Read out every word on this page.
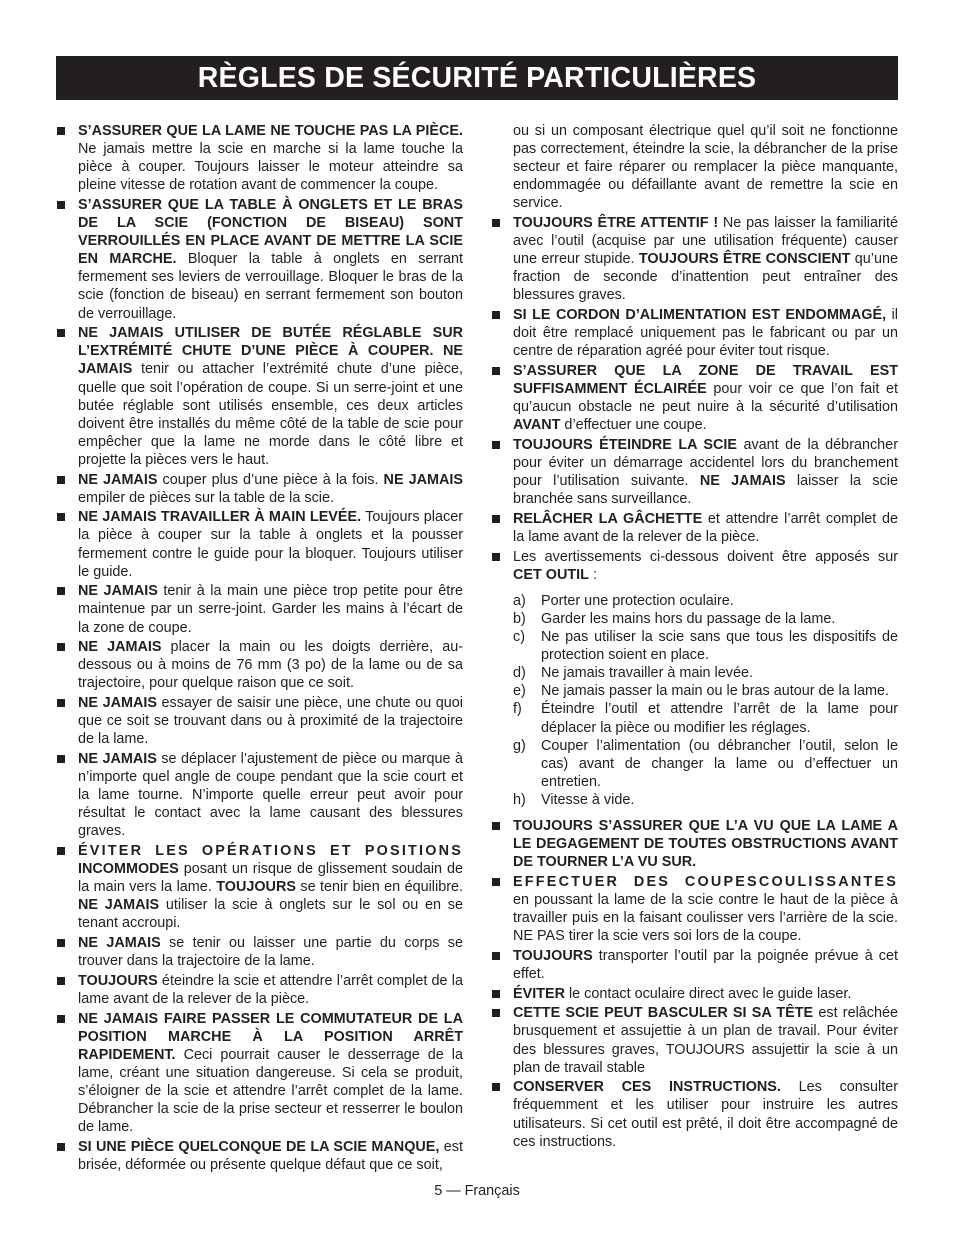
RÈGLES DE SÉCURITÉ PARTICULIÈRES
S’ASSURER QUE LA LAME NE TOUCHE PAS LA PIÈCE. Ne jamais mettre la scie en marche si la lame touche la pièce à couper. Toujours laisser le moteur atteindre sa pleine vitesse de rotation avant de commencer la coupe.
S’ASSURER QUE LA TABLE À ONGLETS ET LE BRAS DE LA SCIE (FONCTION DE BISEAU) SONT VERROUILLÉS EN PLACE AVANT DE METTRE LA SCIE EN MARCHE. Bloquer la table à onglets en serrant fermement ses leviers de verrouillage. Bloquer le bras de la scie (fonction de biseau) en serrant fermement son bouton de verrouillage.
NE JAMAIS UTILISER DE BUTÉE RÉGLABLE SUR L’EXTRÉMITÉ CHUTE D’UNE PIÈCE À COUPER. NE JAMAIS tenir ou attacher l’extrémité chute d’une pièce, quelle que soit l’opération de coupe. Si un serre-joint et une butée réglable sont utilisés ensemble, ces deux articles doivent être installés du même côté de la table de scie pour empêcher que la lame ne morde dans le côté libre et projette la pièces vers le haut.
NE JAMAIS couper plus d’une pièce à la fois. NE JAMAIS empiler de pièces sur la table de la scie.
NE JAMAIS TRAVAILLER À MAIN LEVÉE. Toujours placer la pièce à couper sur la table à onglets et la pousser fermement contre le guide pour la bloquer. Toujours utiliser le guide.
NE JAMAIS tenir à la main une pièce trop petite pour être maintenue par un serre-joint. Garder les mains à l’écart de la zone de coupe.
NE JAMAIS placer la main ou les doigts derrière, au-dessous ou à moins de 76 mm (3 po) de la lame ou de sa trajectoire, pour quelque raison que ce soit.
NE JAMAIS essayer de saisir une pièce, une chute ou quoi que ce soit se trouvant dans ou à proximité de la trajectoire de la lame.
NE JAMAIS se déplacer l’ajustement de pièce ou marque à n’importe quel angle de coupe pendant que la scie court et la lame tourne. N’importe quelle erreur peut avoir pour résultat le contact avec la lame causant des blessures graves.
ÉVITER LES OPÉRATIONS ET POSITIONS INCOMMODES posant un risque de glissement soudain de la main vers la lame. TOUJOURS se tenir bien en équilibre. NE JAMAIS utiliser la scie à onglets sur le sol ou en se tenant accroupi.
NE JAMAIS se tenir ou laisser une partie du corps se trouver dans la trajectoire de la lame.
TOUJOURS éteindre la scie et attendre l’arrêt complet de la lame avant de la relever de la pièce.
NE JAMAIS FAIRE PASSER LE COMMUTATEUR DE LA POSITION MARCHE À LA POSITION ARRÊT RAPIDEMENT. Ceci pourrait causer le desserrage de la lame, créant une situation dangereuse. Si cela se produit, s’éloigner de la scie et attendre l’arrêt complet de la lame. Débrancher la scie de la prise secteur et resserrer le boulon de lame.
SI UNE PIÈCE QUELCONQUE DE LA SCIE MANQUE, est brisée, déformée ou présente quelque défaut que ce soit,
ou si un composant électrique quel qu’il soit ne fonctionne pas correctement, éteindre la scie, la débrancher de la prise secteur et faire réparer ou remplacer la pièce manquante, endommagée ou défaillante avant de remettre la scie en service.
TOUJOURS ÊTRE ATTENTIF ! Ne pas laisser la familiarité avec l’outil (acquise par une utilisation fréquente) causer une erreur stupide. TOUJOURS ÊTRE CONSCIENT qu’une fraction de seconde d’inattention peut entraîner des blessures graves.
SI LE CORDON D’ALIMENTATION EST ENDOMMAGÉ, il doit être remplacé uniquement pas le fabricant ou par un centre de réparation agréé pour éviter tout risque.
S’ASSURER QUE LA ZONE DE TRAVAIL EST SUFFISAMMENT ÉCLAIRÉE pour voir ce que l’on fait et qu’aucun obstacle ne peut nuire à la sécurité d’utilisation AVANT d’effectuer une coupe.
TOUJOURS ÉTEINDRE LA SCIE avant de la débrancher pour éviter un démarrage accidentel lors du branchement pour l’utilisation suivante. NE JAMAIS laisser la scie branchée sans surveillance.
RELÂCHER LA GÂCHETTE et attendre l’arrêt complet de la lame avant de la relever de la pièce.
Les avertissements ci-dessous doivent être apposés sur CET OUTIL :
a) Porter une protection oculaire.
b) Garder les mains hors du passage de la lame.
c) Ne pas utiliser la scie sans que tous les dispositifs de protection soient en place.
d) Ne jamais travailler à main levée.
e) Ne jamais passer la main ou le bras autour de la lame.
f) Éteindre l’outil et attendre l’arrêt de la lame pour déplacer la pièce ou modifier les réglages.
g) Couper l’alimentation (ou débrancher l’outil, selon le cas) avant de changer la lame ou d’effectuer un entretien.
h) Vitesse à vide.
TOUJOURS S’ASSURER QUE L’A VU QUE LA LAME A LE DEGAGEMENT DE TOUTES OBSTRUCTIONS AVANT DE TOURNER L’A VU SUR.
EFFECTUER DES COUPESCOULISSANTES en poussant la lame de la scie contre le haut de la pièce à travailler puis en la faisant coulisser vers l’arrière de la scie. NE PAS tirer la scie vers soi lors de la coupe.
TOUJOURS transporter l’outil par la poignée prévue à cet effet.
ÉVITER le contact oculaire direct avec le guide laser.
CETTE SCIE PEUT BASCULER SI SA TÊTE est relâchée brusquement et assujettie à un plan de travail. Pour éviter des blessures graves, TOUJOURS assujettir la scie à un plan de travail stable
CONSERVER CES INSTRUCTIONS. Les consulter fréquemment et les utiliser pour instruire les autres utilisateurs. Si cet outil est prêté, il doit être accompagné de ces instructions.
5 — Français
